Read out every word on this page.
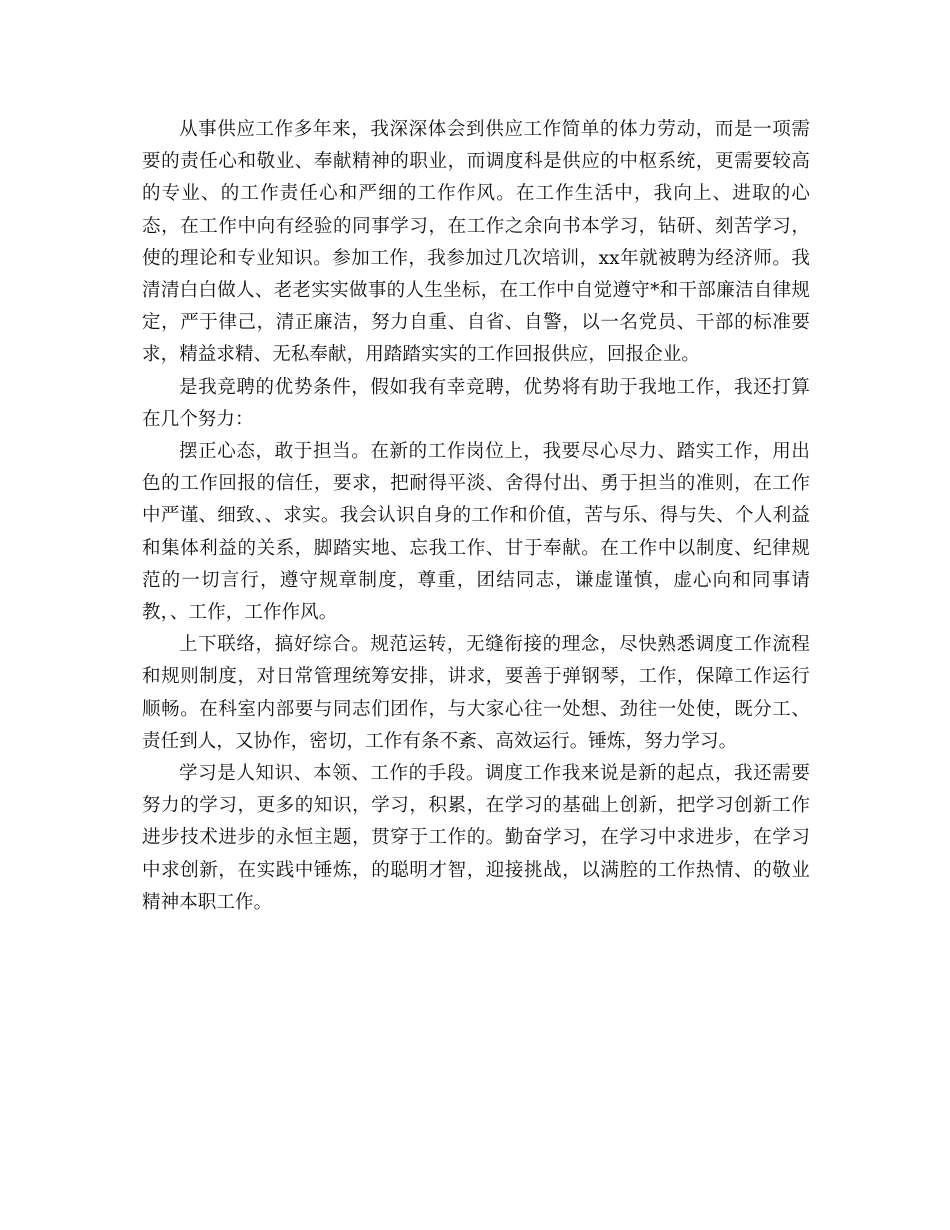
从事供应工作多年来，我深深体会到供应工作简单的体力劳动，而是一项需要的责任心和敬业、奉献精神的职业，而调度科是供应的中枢系统，更需要较高的专业、的工作责任心和严细的工作作风。在工作生活中，我向上、进取的心态，在工作中向有经验的同事学习，在工作之余向书本学习，钻研、刻苦学习，使的理论和专业知识。参加工作，我参加过几次培训，xx年就被聘为经济师。我清清白白做人、老老实实做事的人生坐标，在工作中自觉遵守*和干部廉洁自律规定，严于律己，清正廉洁，努力自重、自省、自警，以一名党员、干部的标准要求，精益求精、无私奉献，用踏踏实实的工作回报供应，回报企业。

是我竞聘的优势条件，假如我有幸竞聘，优势将有助于我地工作，我还打算在几个努力：

摆正心态，敢于担当。在新的工作岗位上，我要尽心尽力、踏实工作，用出色的工作回报的信任，要求，把耐得平淡、舍得付出、勇于担当的准则，在工作中严谨、细致、、求实。我会认识自身的工作和价值，苦与乐、得与失、个人利益和集体利益的关系，脚踏实地、忘我工作、甘于奉献。在工作中以制度、纪律规范的一切言行，遵守规章制度，尊重，团结同志，谦虚谨慎，虚心向和同事请教，、工作，工作作风。

上下联络，搞好综合。规范运转，无缝衔接的理念，尽快熟悉调度工作流程和规则制度，对日常管理统筹安排，讲求，要善于弹钢琴，工作，保障工作运行顺畅。在科室内部要与同志们团作，与大家心往一处想、劲往一处使，既分工、责任到人，又协作，密切，工作有条不紊、高效运行。锤炼，努力学习。

学习是人知识、本领、工作的手段。调度工作我来说是新的起点，我还需要努力的学习，更多的知识，学习，积累，在学习的基础上创新，把学习创新工作进步技术进步的永恒主题，贯穿于工作的。勤奋学习，在学习中求进步，在学习中求创新，在实践中锤炼，的聪明才智，迎接挑战，以满腔的工作热情、的敬业精神本职工作。
